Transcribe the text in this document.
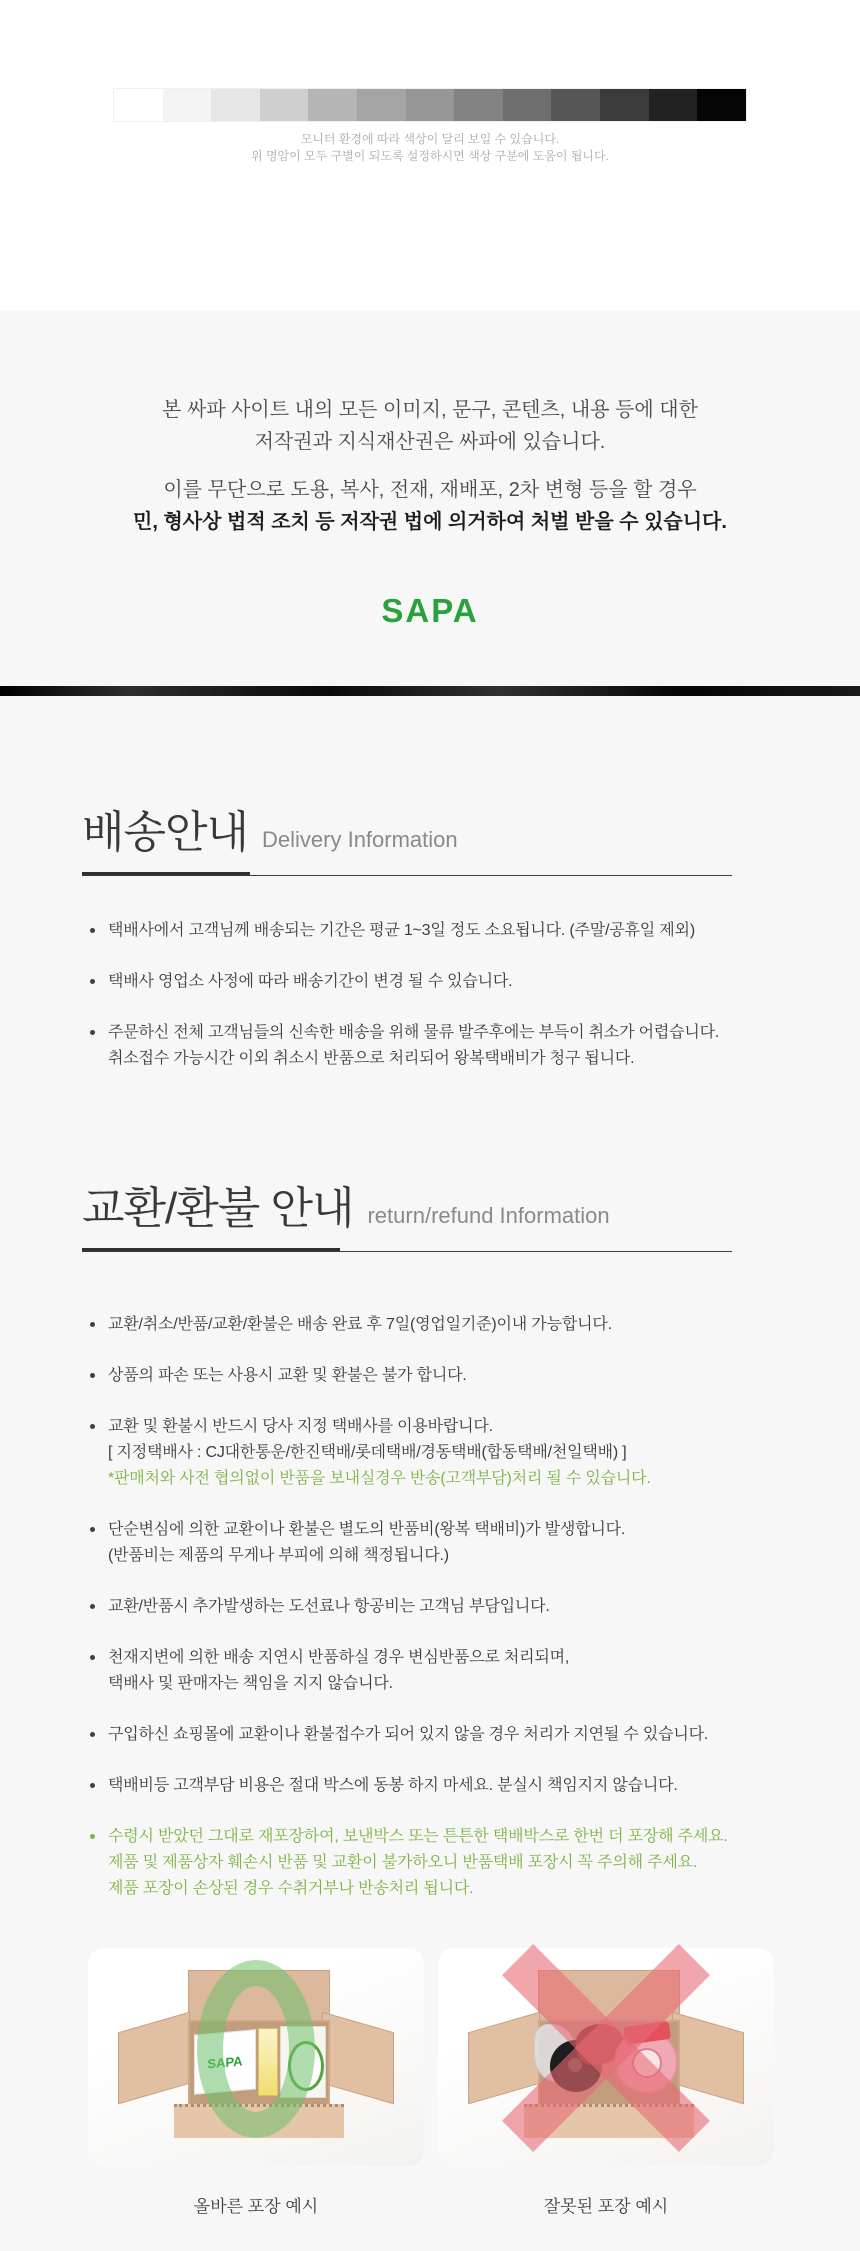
모니터 환경에 따라 색상이 달리 보일 수 있습니다.
위 명암이 모두 구별이 되도록 설정하시면 색상 구분에 도움이 됩니다.
본 싸파 사이트 내의 모든 이미지, 문구, 콘텐츠, 내용 등에 대한
저작권과 지식재산권은 싸파에 있습니다.
이를 무단으로 도용, 복사, 전재, 재배포, 2차 변형 등을 할 경우
민, 형사상 법적 조치 등 저작권 법에 의거하여 처벌 받을 수 있습니다.
SAPA
배송안내 Delivery Information
택배사에서 고객님께 배송되는 기간은 평균 1~3일 정도 소요됩니다. (주말/공휴일 제외)
택배사 영업소 사정에 따라 배송기간이 변경 될 수 있습니다.
주문하신 전체 고객님들의 신속한 배송을 위해 물류 발주후에는 부득이 취소가 어렵습니다.
취소접수 가능시간 이외 취소시 반품으로 처리되어 왕복택배비가 청구 됩니다.
교환/환불 안내 return/refund Information
교환/취소/반품/교환/환불은 배송 완료 후 7일(영업일기준)이내 가능합니다.
상품의 파손 또는 사용시 교환 및 환불은 불가 합니다.
교환 및 환불시 반드시 당사 지정 택배사를 이용바랍니다.
[ 지정택배사 : CJ대한통운/한진택배/롯데택배/경동택배(합동택배/천일택배) ]
*판매처와 사전 협의없이 반품을 보내실경우 반송(고객부담)처리 될 수 있습니다.
단순변심에 의한 교환이나 환불은 별도의 반품비(왕복 택배비)가 발생합니다.
(반품비는 제품의 무게나 부피에 의해 책정됩니다.)
교환/반품시 추가발생하는 도선료나 항공비는 고객님 부담입니다.
천재지변에 의한 배송 지연시 반품하실 경우 변심반품으로 처리되며,
택배사 및 판매자는 책임을 지지 않습니다.
구입하신 쇼핑몰에 교환이나 환불접수가 되어 있지 않을 경우 처리가 지연될 수 있습니다.
택배비등 고객부담 비용은 절대 박스에 동봉 하지 마세요. 분실시 책임지지 않습니다.
수령시 받았던 그대로 재포장하여, 보낸박스 또는 튼튼한 택배박스로 한번 더 포장해 주세요.
제품 및 제품상자 훼손시 반품 및 교환이 불가하오니 반품택배 포장시 꼭 주의해 주세요.
제품 포장이 손상된 경우 수취거부나 반송처리 됩니다.
SAPA
올바른 포장 예시	잘못된 포장 예시
